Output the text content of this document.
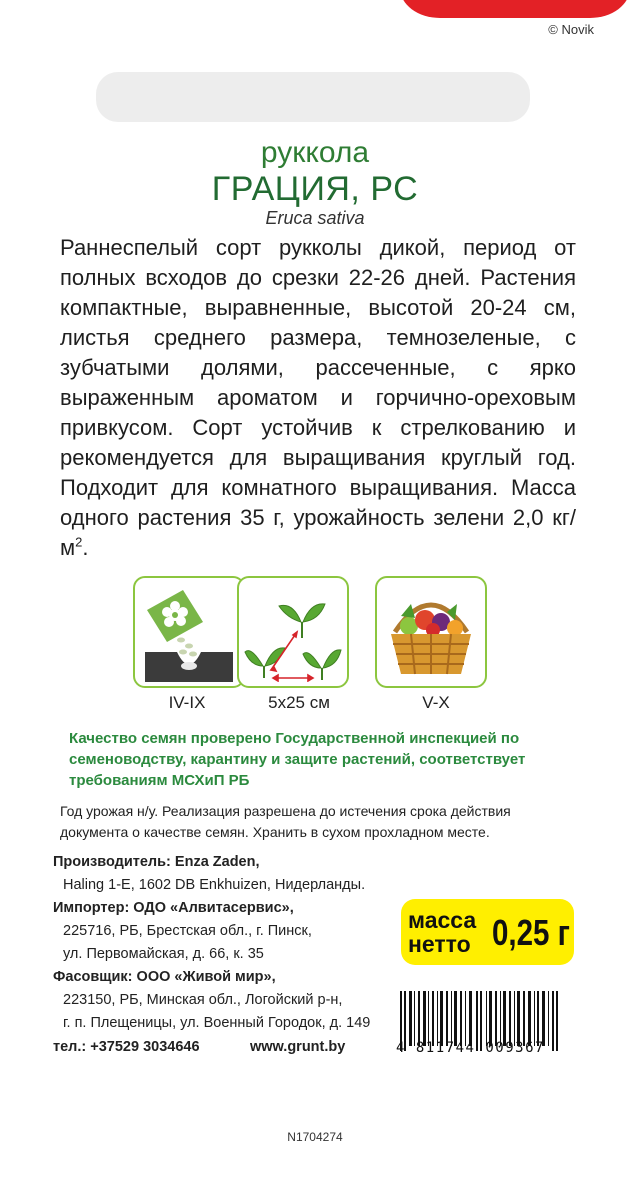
© Novik
руккола
ГРАЦИЯ, РС
Eruca sativa
Раннеспелый сорт рукколы дикой, период от полных всходов до срезки 22-26 дней. Растения компактные, выравненные, высотой 20-24 см, листья среднего размера, темнозеленые, с зубчатыми долями, рассеченные, с ярко выраженным ароматом и горчично-ореховым привкусом. Сорт устойчив к стрелкованию и рекомендуется для выращивания круглый год. Подходит для комнатного выращивания. Масса одного растения 35 г, урожайность зелени 2,0 $кг/м^2$.
IV-IX	5x25 см	V-X
Качество семян проверено Государственной инспекцией по семеноводству, карантину и защите растений, соответствует требованиям МСХиП РБ
Год урожая н/у. Реализация разрешена до истечения срока действия документа о качестве семян. Хранить в сухом прохладном месте.
Производитель: Enza Zaden,
Haling 1-E, 1602 DB Enkhuizen, Нидерланды.
Импортер: ОДО «Алвитасервис»,
225716, РБ, Брестская обл., г. Пинск,
ул. Первомайская, д. 66, к. 35
Фасовщик: ООО «Живой мир»,
223150, РБ, Минская обл., Логойский р-н,
г. п. Плещеницы, ул. Военный Городок, д. 149
тел.: +37529 3034646	www.grunt.by
масса нетто 0,25 г
4 811744 009367
N1704274
